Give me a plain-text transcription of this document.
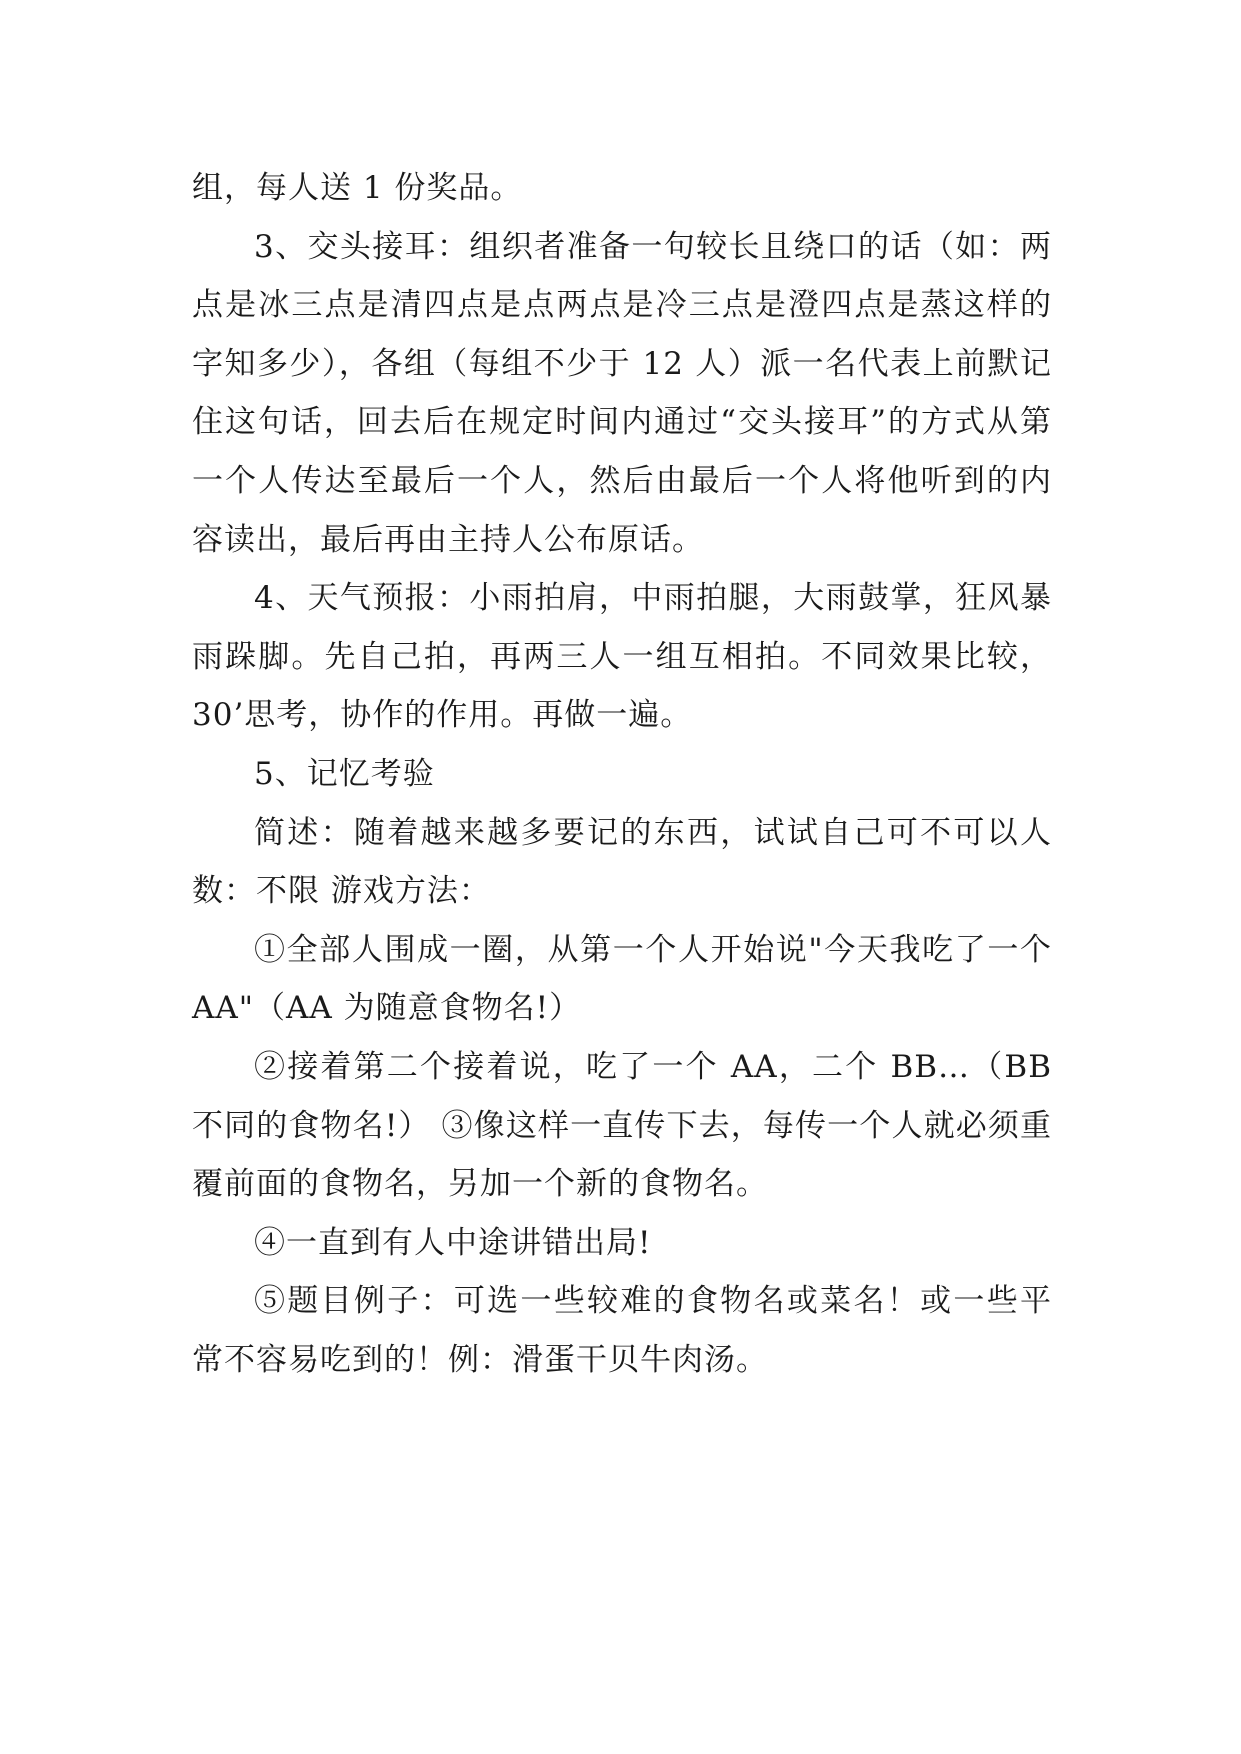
组，每人送 1 份奖品。

3、交头接耳：组织者准备一句较长且绕口的话（如：两点是冰三点是清四点是点两点是冷三点是澄四点是蒸这样的字知多少），各组（每组不少于 12 人）派一名代表上前默记住这句话，回去后在规定时间内通过“交头接耳”的方式从第一个人传达至最后一个人，然后由最后一个人将他听到的内容读出，最后再由主持人公布原话。

4、天气预报：小雨拍肩，中雨拍腿，大雨鼓掌，狂风暴雨跺脚。先自己拍，再两三人一组互相拍。不同效果比较，30’思考，协作的作用。再做一遍。

5、记忆考验

简述：随着越来越多要记的东西，试试自己可不可以人数：不限 游戏方法：

①全部人围成一圈，从第一个人开始说"今天我吃了一个 AA"（AA 为随意食物名!）

②接着第二个接着说，吃了一个 AA，二个 BB…（BB 不同的食物名!） ③像这样一直传下去，每传一个人就必须重覆前面的食物名，另加一个新的食物名。

④一直到有人中途讲错出局!

⑤题目例子：可选一些较难的食物名或菜名！或一些平常不容易吃到的！例：滑蛋干贝牛肉汤。
